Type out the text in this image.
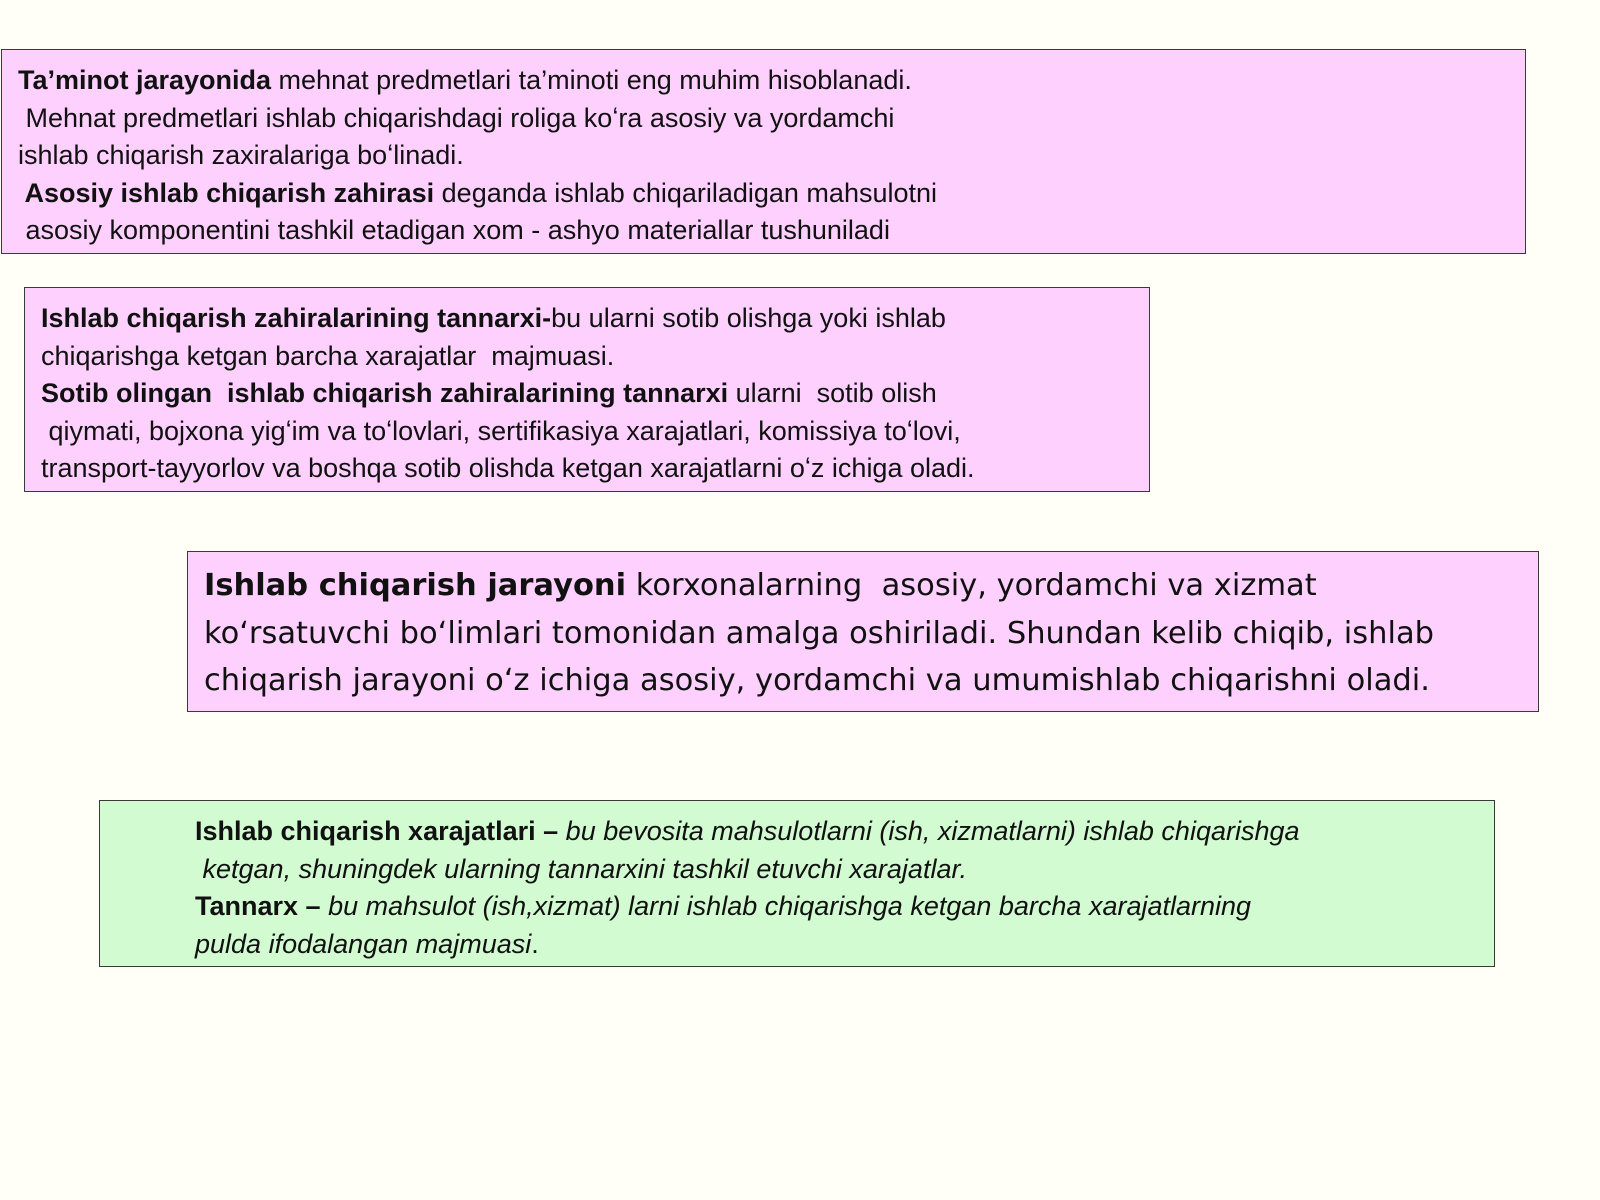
Ta’minot jarayonida mehnat predmetlari ta’minoti eng muhim hisoblanadi.
Mehnat predmetlari ishlab chiqarishdagi roliga koʻra asosiy va yordamchi
ishlab chiqarish zaxiralariga boʻlinadi.
Asosiy ishlab chiqarish zahirasi deganda ishlab chiqariladigan mahsulotni
asosiy komponentini tashkil etadigan xom - ashyo materiallar tushuniladi
Ishlab chiqarish zahiralarining tannarxi-bu ularni sotib olishga yoki ishlab
chiqarishga ketgan barcha xarajatlar  majmuasi.
Sotib olingan  ishlab chiqarish zahiralarining tannarxi ularni  sotib olish
qiymati, bojxona yigʻim va toʻlovlari, sertifikasiya xarajatlari, komissiya toʻlovi,
transport-tayyorlov va boshqa sotib olishda ketgan xarajatlarni oʻz ichiga oladi.
Ishlab chiqarish jarayoni korxonalarning  asosiy, yordamchi va xizmat
koʻrsatuvchi boʻlimlari tomonidan amalga oshiriladi. Shundan kelib chiqib, ishlab
chiqarish jarayoni oʻz ichiga asosiy, yordamchi va umumishlab chiqarishni oladi.
Ishlab chiqarish xarajatlari – bu bevosita mahsulotlarni (ish, xizmatlarni) ishlab chiqarishga
ketgan, shuningdek ularning tannarxini tashkil etuvchi xarajatlar.
Tannarx – bu mahsulot (ish,xizmat) larni ishlab chiqarishga ketgan barcha xarajatlarning
pulda ifodalangan majmuasi.
